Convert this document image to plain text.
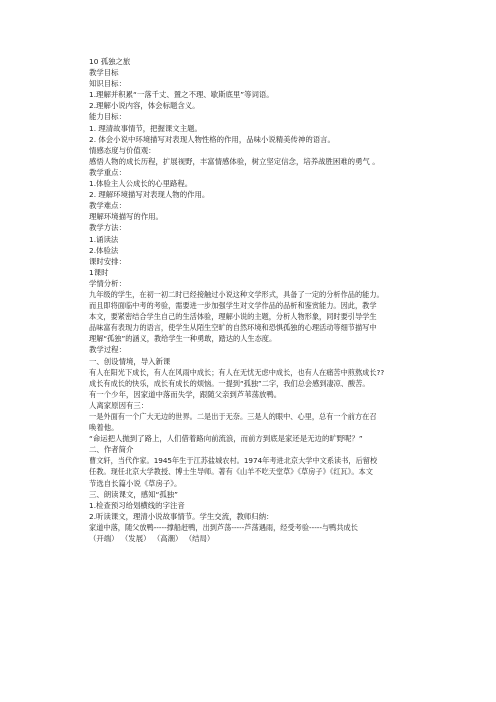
10 孤独之旅

教学目标

知识目标：

1.理解并积累“一落千丈、置之不理、歇斯底里”等词语。

2.理解小说内容，体会标题含义。

能力目标：

1. 理清故事情节，把握课文主题。

2. 体会小说中环境描写对表现人物性格的作用，品味小说精美传神的语言。

情感态度与价值观：

感悟人物的成长历程，扩展视野，丰富情感体验，树立坚定信念，培养战胜困难的勇气 。

教学重点：

1.体验主人公成长的心里路程。

2. 理解环境描写对表现人物的作用。

教学难点：

理解环境描写的作用。

教学方法：

1.诵读法

2.体验法

课时安排：

1课时

学情分析：

九年级的学生，在初一初二时已经接触过小说这种文学形式，具备了一定的分析作品的能力。

而且即将面临中考的考验，需要进一步加强学生对文学作品的品析和鉴赏能力。因此，教学

本文，要紧密结合学生自己的生活体验，理解小说的主题，分析人物形象，同时要引导学生

品味富有表现力的语言，使学生从陌生空旷的自然环境和恐惧孤独的心理活动等细节描写中

理解“孤独”的涵义，教给学生一种勇敢，踏达的人生态度。

教学过程：

一、创设情境，导入新课

有人在阳光下成长，有人在风雨中成长；有人在无忧无虑中成长，也有人在痛苦中煎熬成长??

成长有成长的快乐，成长有成长的烦恼。一提到“孤独”二字，我们总会感到凄凉、酸苦。

有一个少年，因家道中落而失学，跟随父亲到芦苇荡放鸭。

人离家原因有三：

一是外面有一个广大无边的世界。二是出于无奈。三是人的眼中、心里，总有一个前方在召

唤着他。

“命运把人抛到了路上，人们借着路向前流浪，而前方到底是家还是无边的旷野呢？”

二、作者简介

曹文轩，当代作家。1945年生于江苏盐城农村。1974年考进北京大学中文系读书，后留校

任教。现任北京大学教授、博士生导师。著有《山羊不吃天堂草》《草房子》《红瓦》。本文

节选自长篇小说《草房子》。

三、朗读课文，感知“孤独”

1.检查预习给划横线的字注音

2.听读课文，理清小说故事情节。学生交流，教师归纳：

家道中落，随父放鸭-----撑船赶鸭，出到芦荡-----芦荡遇雨，经受考验-----与鸭共成长

（开端） （发展） （高潮） （结局）
